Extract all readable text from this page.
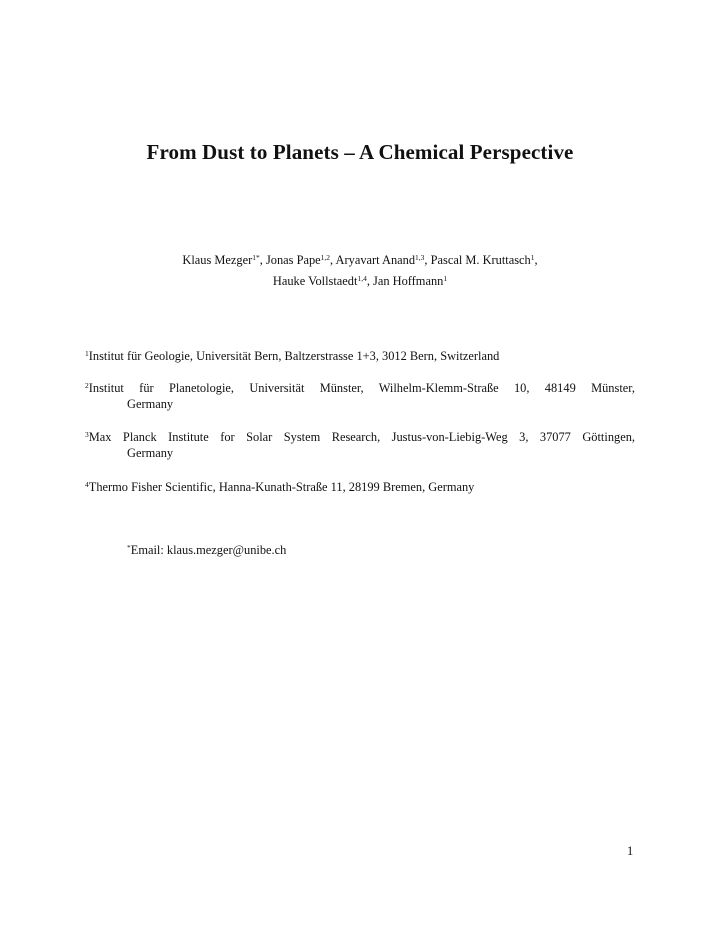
From Dust to Planets – A Chemical Perspective
Klaus Mezger$^{1*}$, Jonas Pape$^{1,2}$, Aryavart Anand$^{1,3}$, Pascal M. Kruttasch$^1$,
Hauke Vollstaedt$^{1,4}$, Jan Hoffmann$^1$
$^1$Institut für Geologie, Universität Bern, Baltzerstrasse 1+3, 3012 Bern, Switzerland
$^2$Institut für Planetologie, Universität Münster, Wilhelm-Klemm-Straße 10, 48149 Münster,
Germany
$^3$Max Planck Institute for Solar System Research, Justus-von-Liebig-Weg 3, 37077 Göttingen,
Germany
$^4$Thermo Fisher Scientific, Hanna-Kunath-Straße 11, 28199 Bremen, Germany
*Email: klaus.mezger@unibe.ch
1
